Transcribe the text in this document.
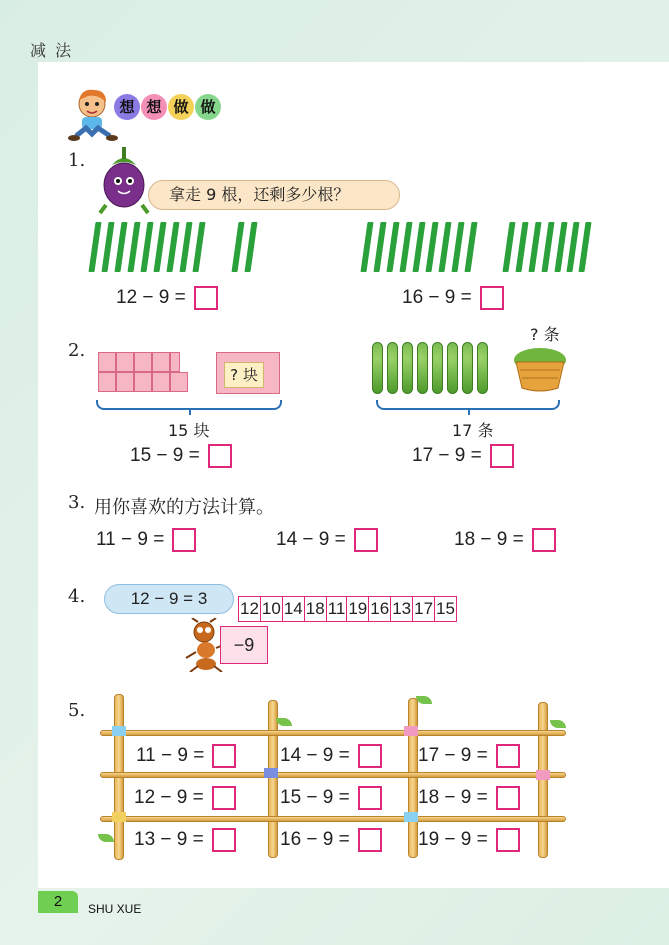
减 法
想 想 做 做
1.
拿走 9 根，还剩多少根？
12 − 9 =	16 − 9 =
2.
? 块
15 块
15 − 9 =
? 条
17 条
17 − 9 =
3. 用你喜欢的方法计算。
11 − 9 =	14 − 9 =	18 − 9 =
4.	12 − 9 = 3
12 10 14 18 11 19 16 13 17 15
−9
5.
11 − 9 =	14 − 9 =	17 − 9 =
12 − 9 =	15 − 9 =	18 − 9 =
13 − 9 =	16 − 9 =	19 − 9 =
2	SHU XUE
